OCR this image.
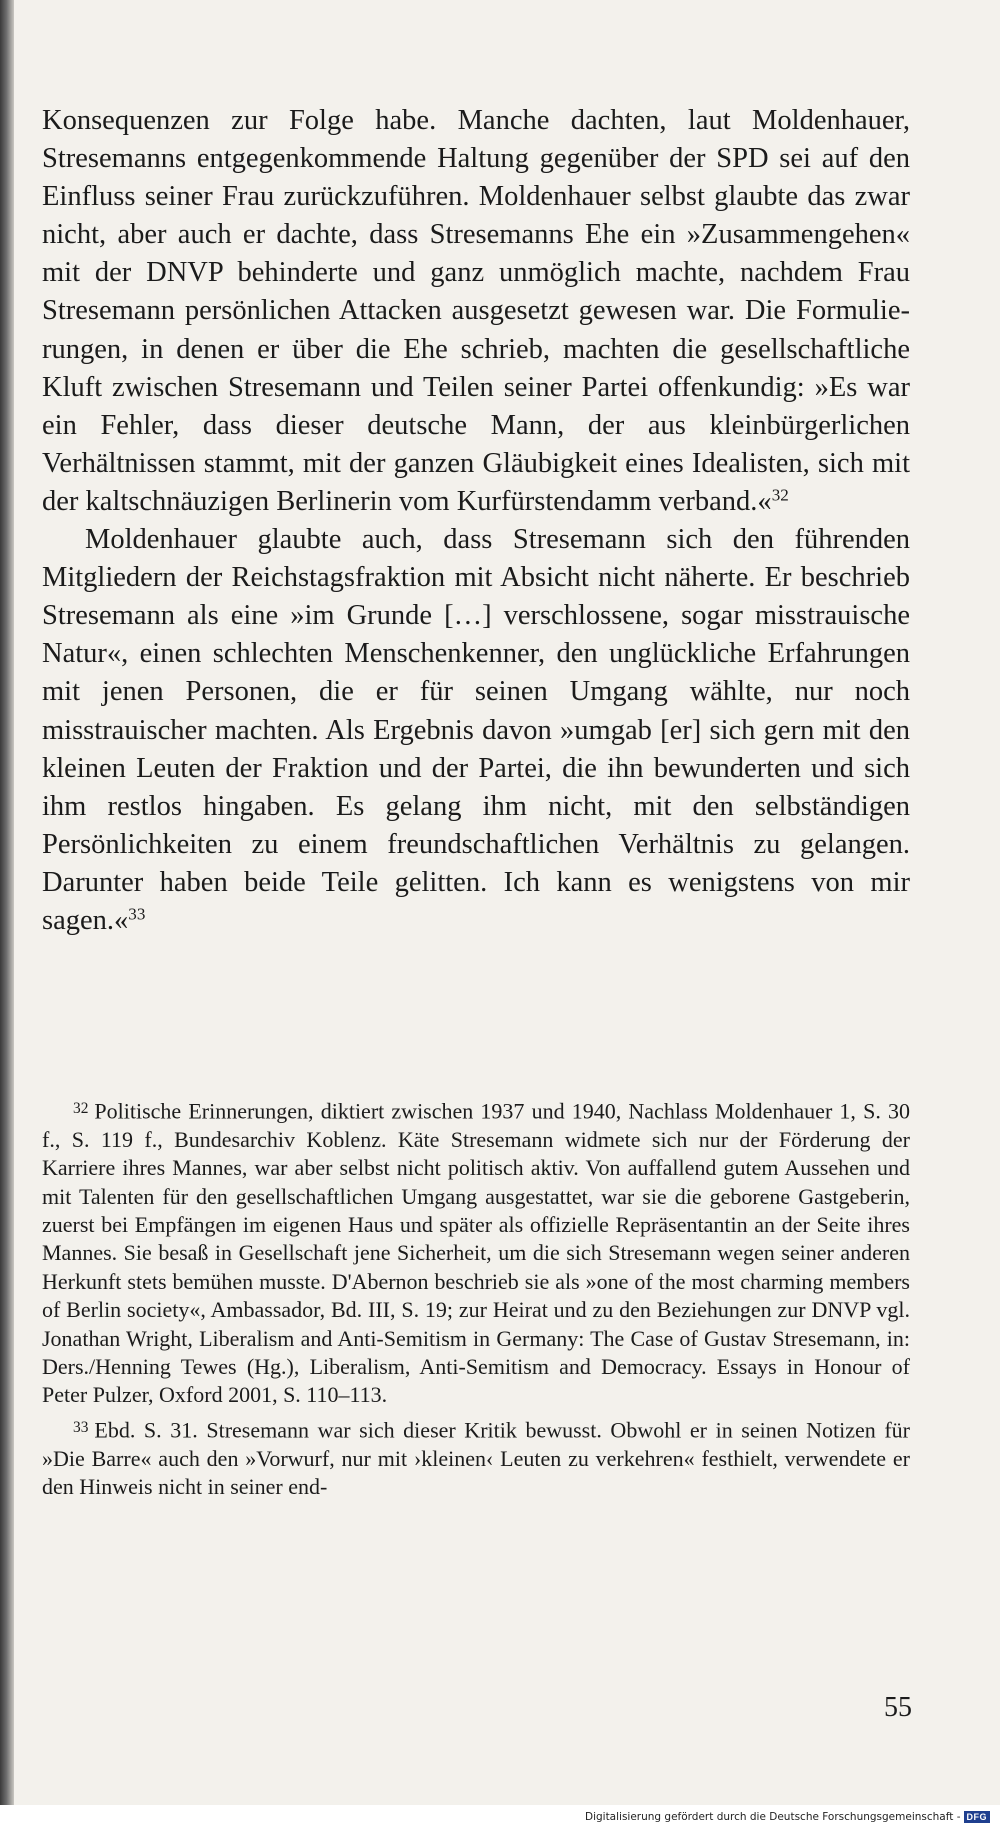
Konsequenzen zur Folge habe. Manche dachten, laut Moldenhauer, Stresemanns entgegenkommende Haltung gegenüber der SPD sei auf den Einfluss seiner Frau zurückzuführen. Moldenhauer selbst glaubte das zwar nicht, aber auch er dachte, dass Stresemanns Ehe ein »Zusammengehen« mit der DNVP behinderte und ganz unmöglich machte, nachdem Frau Stresemann persönlichen Attacken ausgesetzt gewesen war. Die Formulierungen, in denen er über die Ehe schrieb, machten die gesellschaftliche Kluft zwischen Stresemann und Teilen seiner Partei offenkundig: »Es war ein Fehler, dass dieser deutsche Mann, der aus kleinbürgerlichen Verhältnissen stammt, mit der ganzen Gläubigkeit eines Idealisten, sich mit der kaltschnäuzigen Berlinerin vom Kurfürstendamm verband.«$^{32}$

Moldenhauer glaubte auch, dass Stresemann sich den führenden Mitgliedern der Reichstagsfraktion mit Absicht nicht näherte. Er beschrieb Stresemann als eine »im Grunde […] verschlossene, sogar misstrauische Natur«, einen schlechten Menschenkenner, den unglückliche Erfahrungen mit jenen Personen, die er für seinen Umgang wählte, nur noch misstrauischer machten. Als Ergebnis davon »umgab [er] sich gern mit den kleinen Leuten der Fraktion und der Partei, die ihn bewunderten und sich ihm restlos hingaben. Es gelang ihm nicht, mit den selbständigen Persönlichkeiten zu einem freundschaftlichen Verhältnis zu gelangen. Darunter haben beide Teile gelitten. Ich kann es wenigstens von mir sagen.«$^{33}$

$^{32}$ Politische Erinnerungen, diktiert zwischen 1937 und 1940, Nachlass Moldenhauer 1, S. 30 f., S. 119 f., Bundesarchiv Koblenz. Käte Stresemann widmete sich nur der Förderung der Karriere ihres Mannes, war aber selbst nicht politisch aktiv. Von auffallend gutem Aussehen und mit Talenten für den gesellschaftlichen Umgang ausgestattet, war sie die geborene Gastgeberin, zuerst bei Empfängen im eigenen Haus und später als offizielle Repräsentantin an der Seite ihres Mannes. Sie besaß in Gesellschaft jene Sicherheit, um die sich Stresemann wegen seiner anderen Herkunft stets bemühen musste. D'Abernon beschrieb sie als »one of the most charming members of Berlin society«, Ambassador, Bd. III, S. 19; zur Heirat und zu den Beziehungen zur DNVP vgl. Jonathan Wright, Liberalism and Anti-Semitism in Germany: The Case of Gustav Stresemann, in: Ders./Henning Tewes (Hg.), Liberalism, Anti-Semitism and Democracy. Essays in Honour of Peter Pulzer, Oxford 2001, S. 110–113.

$^{33}$ Ebd. S. 31. Stresemann war sich dieser Kritik bewusst. Obwohl er in seinen Notizen für »Die Barre« auch den »Vorwurf, nur mit ›kleinen‹ Leuten zu verkehren« festhielt, verwendete er den Hinweis nicht in seiner end-

55
Digitalisierung gefördert durch die Deutsche Forschungsgemeinschaft - DFG
